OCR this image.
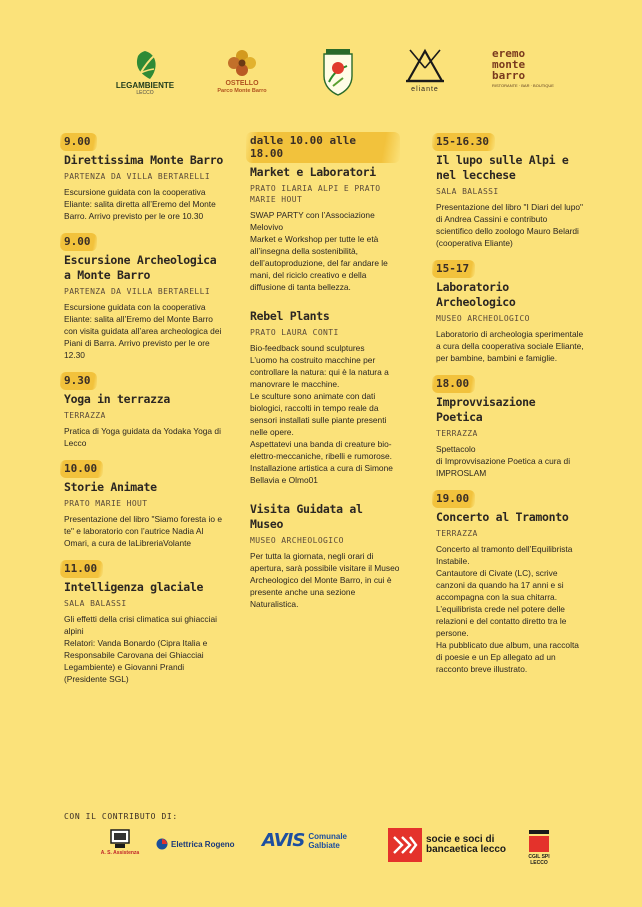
LEGAMBIENTE
LECCO
OSTELLO
Parco Monte Barro	eliante
eremo monte barro
RISTORANTE · BAR · BOUTIQUE
9.00
Direttissima Monte Barro
PARTENZA DA VILLA BERTARELLI
Escursione guidata con la cooperativa Eliante: salita diretta all’Eremo del Monte Barro. Arrivo previsto per le ore 10.30
9.00
Escursione Archeologica a Monte Barro
PARTENZA DA VILLA BERTARELLI
Escursione guidata con la cooperativa Eliante: salita all’Eremo del Monte Barro con visita guidata all’area archeologica dei Piani di Barra. Arrivo previsto per le ore 12.30
9.30
Yoga in terrazza
TERRAZZA
Pratica di Yoga guidata da Yodaka Yoga di Lecco
10.00
Storie Animate
PRATO MARIE HOUT
Presentazione del libro "Siamo foresta io e te" e laboratorio con l’autrice Nadia Al Omari, a cura de laLibreriaVolante
11.00
Intelligenza glaciale
SALA BALASSI
Gli effetti della crisi climatica sui ghiacciai alpini
Relatori: Vanda Bonardo (Cipra Italia e Responsabile Carovana dei Ghiacciai Legambiente) e Giovanni Prandi (Presidente SGL)
dalle 10.00 alle 18.00
Market e Laboratori
PRATO ILARIA ALPI E PRATO MARIE HOUT
SWAP PARTY con l’Associazione Melovivo
Market e Workshop per tutte le età all’insegna della sostenibilità, dell’autoproduzione, del far andare le mani, del riciclo creativo e della diffusione di tanta bellezza.
Rebel Plants
PRATO LAURA CONTI
Bio-feedback sound sculptures
L’uomo ha costruito macchine per controllare la natura: qui è la natura a manovrare le macchine.
Le sculture sono animate con dati biologici, raccolti in tempo reale da sensori installati sulle piante presenti nelle opere.
Aspettatevi una banda di creature bio-elettro-meccaniche, ribelli e rumorose.
Installazione artistica a cura di Simone Bellavia e Olmo01
Visita Guidata al Museo
MUSEO ARCHEOLOGICO
Per tutta la giornata, negli orari di apertura, sarà possibile visitare il Museo Archeologico del Monte Barro, in cui è presente anche una sezione Naturalistica.
15-16.30
Il lupo sulle Alpi e nel lecchese
SALA BALASSI
Presentazione del libro "I Diari del lupo" di Andrea Cassini e contributo scientifico dello zoologo Mauro Belardi (cooperativa Eliante)
15-17
Laboratorio Archeologico
MUSEO ARCHEOLOGICO
Laboratorio di archeologia sperimentale a cura della cooperativa sociale Eliante, per bambine, bambini e famiglie.
18.00
Improvvisazione Poetica
TERRAZZA
Spettacolo
di Improvvisazione Poetica a cura di IMPROSLAM
19.00
Concerto al Tramonto
TERRAZZA
Concerto al tramonto dell’Equilibrista Instabile.
Cantautore di Civate (LC), scrive canzoni da quando ha 17 anni e si accompagna con la sua chitarra.
L’equilibrista crede nel potere delle relazioni e del contatto diretto tra le persone.
Ha pubblicato due album, una raccolta di poesie e un Ep allegato ad un racconto breve illustrato.
CON IL CONTRIBUTO DI:
A. S. Assistenza
Elettrica Rogeno AVIS Comunale Galbiate	socie e soci di bancaetica lecco
CGIL SPI LECCO
